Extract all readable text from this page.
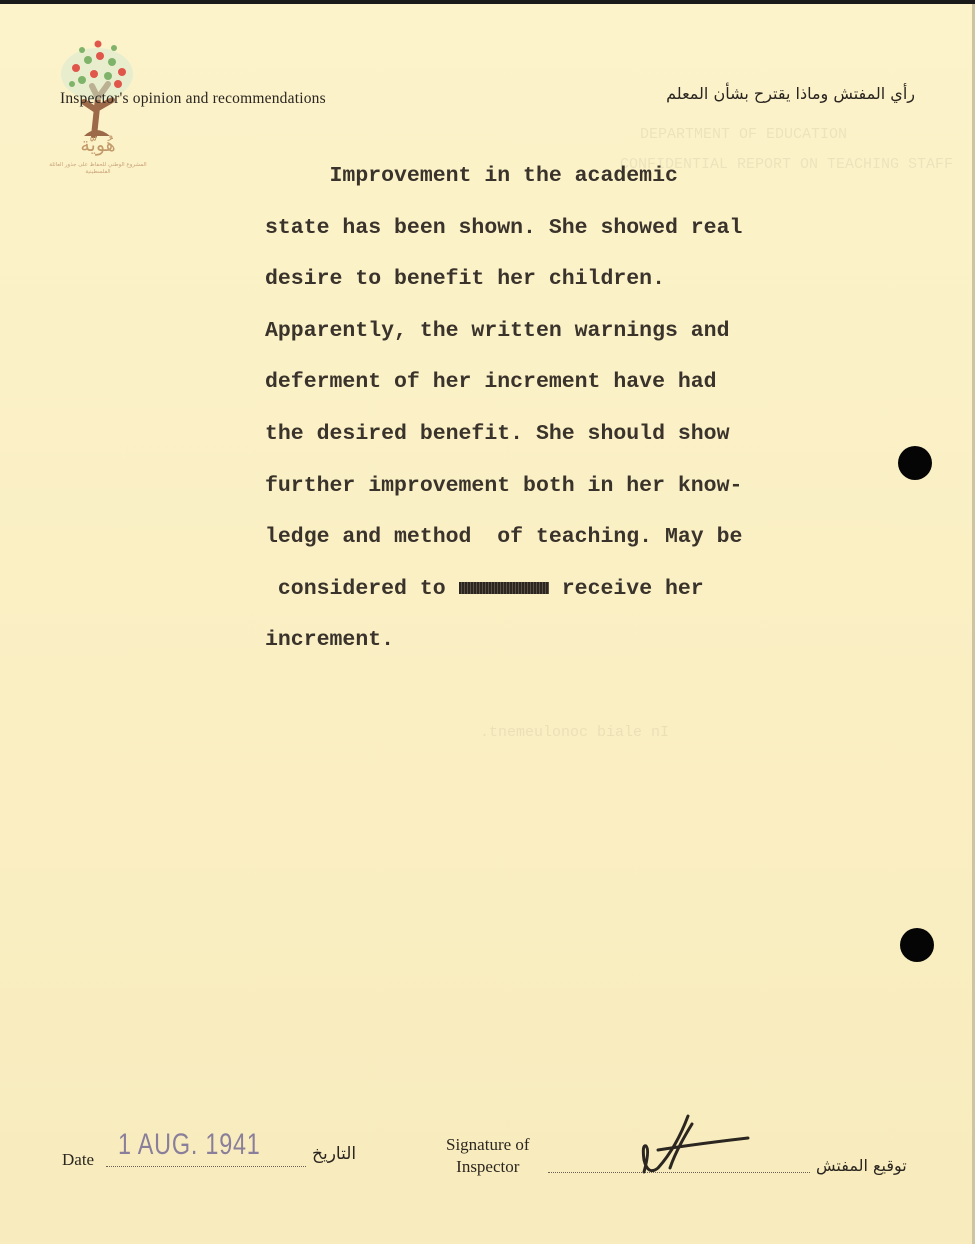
DEPARTMENT OF EDUCATION
CONFIDENTIAL REPORT ON TEACHING STAFF
.tnemeulonoc biale nI
هُويّة
المشروع الوطني للحفاظ على جذور العائلة الفلسطينية
Inspector's opinion and recommendations	رأي المفتش وماذا يقترح بشأن المعلم
Improvement in the academic
state has been shown. She showed real
desire to benefit her children.
Apparently, the written warnings and
deferment of her increment have had
the desired benefit. She should show
further improvement both in her know-
ledge and method  of teaching. May be
considered to	receive her
increment.
Date 1 AUG. 1941	التاريخ	Signature of
Inspector	توقيع المفتش
